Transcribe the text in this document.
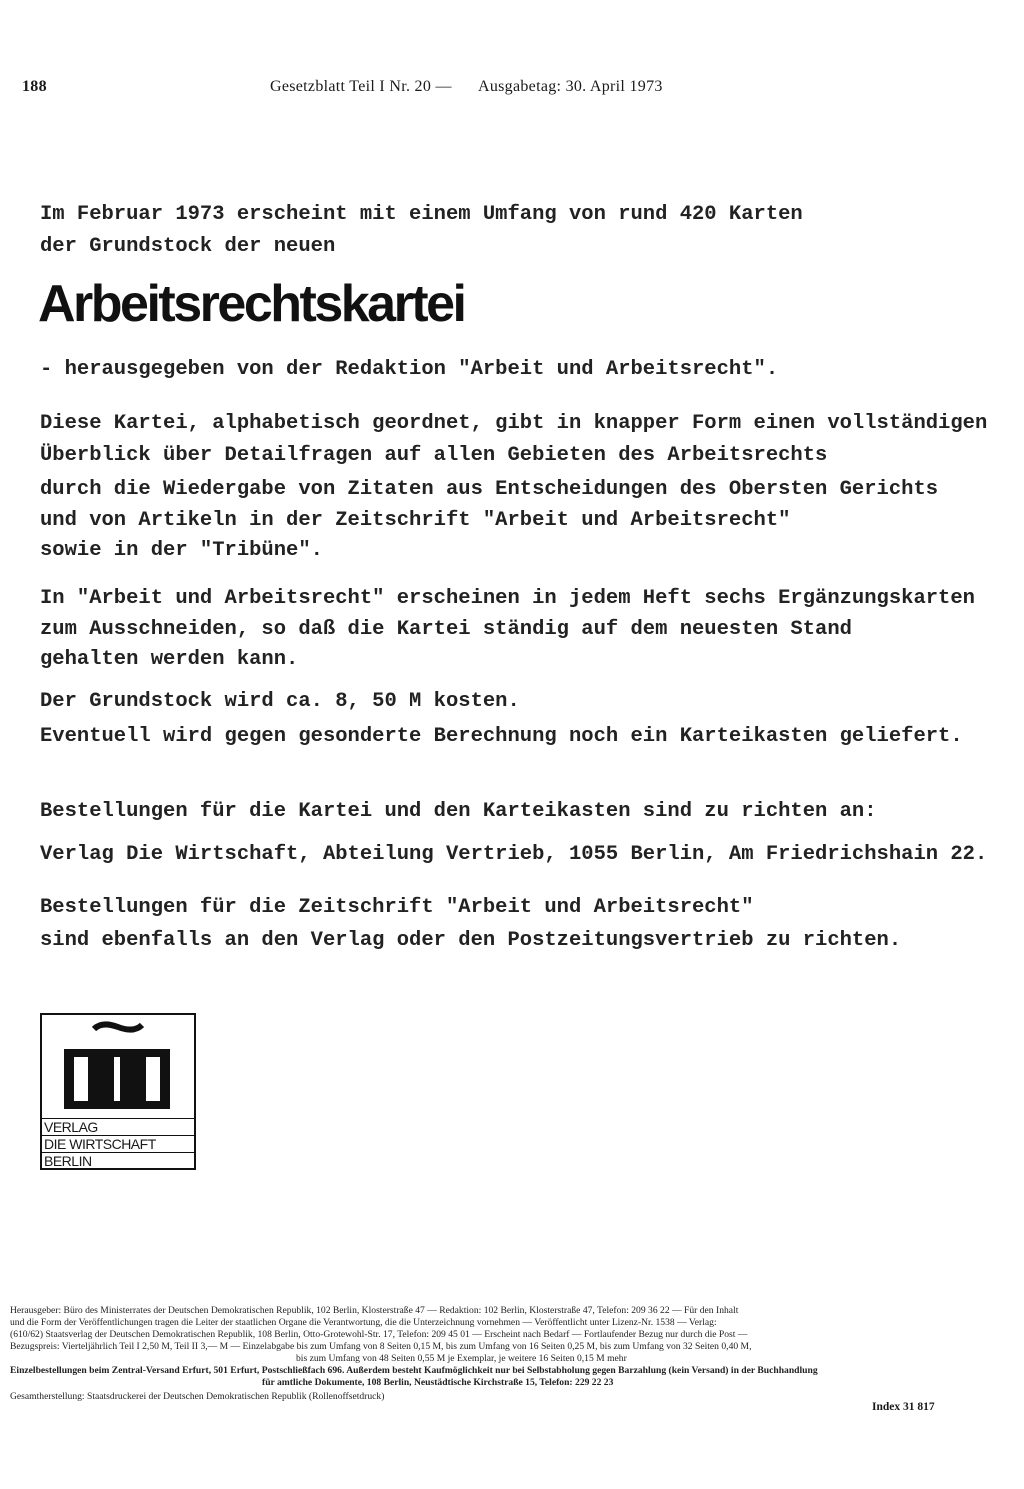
188	Gesetzblatt Teil I Nr. 20 — Ausgabetag: 30. April 1973
Im Februar 1973 erscheint mit einem Umfang von rund 420 Karten
der Grundstock der neuen
Arbeitsrechtskartei
- herausgegeben von der Redaktion "Arbeit und Arbeitsrecht".
Diese Kartei, alphabetisch geordnet, gibt in knapper Form einen vollständigen
Überblick über Detailfragen auf allen Gebieten des Arbeitsrechts
durch die Wiedergabe von Zitaten aus Entscheidungen des Obersten Gerichts
und von Artikeln in der Zeitschrift "Arbeit und Arbeitsrecht"
sowie in der "Tribüne".
In "Arbeit und Arbeitsrecht" erscheinen in jedem Heft sechs Ergänzungskarten
zum Ausschneiden, so daß die Kartei ständig auf dem neuesten Stand
gehalten werden kann.
Der Grundstock wird ca. 8, 50 M kosten.
Eventuell wird gegen gesonderte Berechnung noch ein Karteikasten geliefert.
Bestellungen für die Kartei und den Karteikasten sind zu richten an:
Verlag Die Wirtschaft, Abteilung Vertrieb, 1055 Berlin, Am Friedrichshain 22.
Bestellungen für die Zeitschrift "Arbeit und Arbeitsrecht"
sind ebenfalls an den Verlag oder den Postzeitungsvertrieb zu richten.
VERLAG
DIE WIRTSCHAFT
BERLIN
Herausgeber: Büro des Ministerrates der Deutschen Demokratischen Republik, 102 Berlin, Klosterstraße 47 — Redaktion: 102 Berlin, Klosterstraße 47, Telefon: 209 36 22 — Für den Inhalt
und die Form der Veröffentlichungen tragen die Leiter der staatlichen Organe die Verantwortung, die die Unterzeichnung vornehmen — Veröffentlicht unter Lizenz-Nr. 1538 — Verlag:
(610/62) Staatsverlag der Deutschen Demokratischen Republik, 108 Berlin, Otto-Grotewohl-Str. 17, Telefon: 209 45 01 — Erscheint nach Bedarf — Fortlaufender Bezug nur durch die Post —
Bezugspreis: Vierteljährlich Teil I 2,50 M, Teil II 3,— M — Einzelabgabe bis zum Umfang von 8 Seiten 0,15 M, bis zum Umfang von 16 Seiten 0,25 M, bis zum Umfang von 32 Seiten 0,40 M,
bis zum Umfang von 48 Seiten 0,55 M je Exemplar, je weitere 16 Seiten 0,15 M mehr
Einzelbestellungen beim Zentral-Versand Erfurt, 501 Erfurt, Postschließfach 696. Außerdem besteht Kaufmöglichkeit nur bei Selbstabholung gegen Barzahlung (kein Versand) in der Buchhandlung
für amtliche Dokumente, 108 Berlin, Neustädtische Kirchstraße 15, Telefon: 229 22 23
Gesamtherstellung: Staatsdruckerei der Deutschen Demokratischen Republik (Rollenoffsetdruck)
Index 31 817
